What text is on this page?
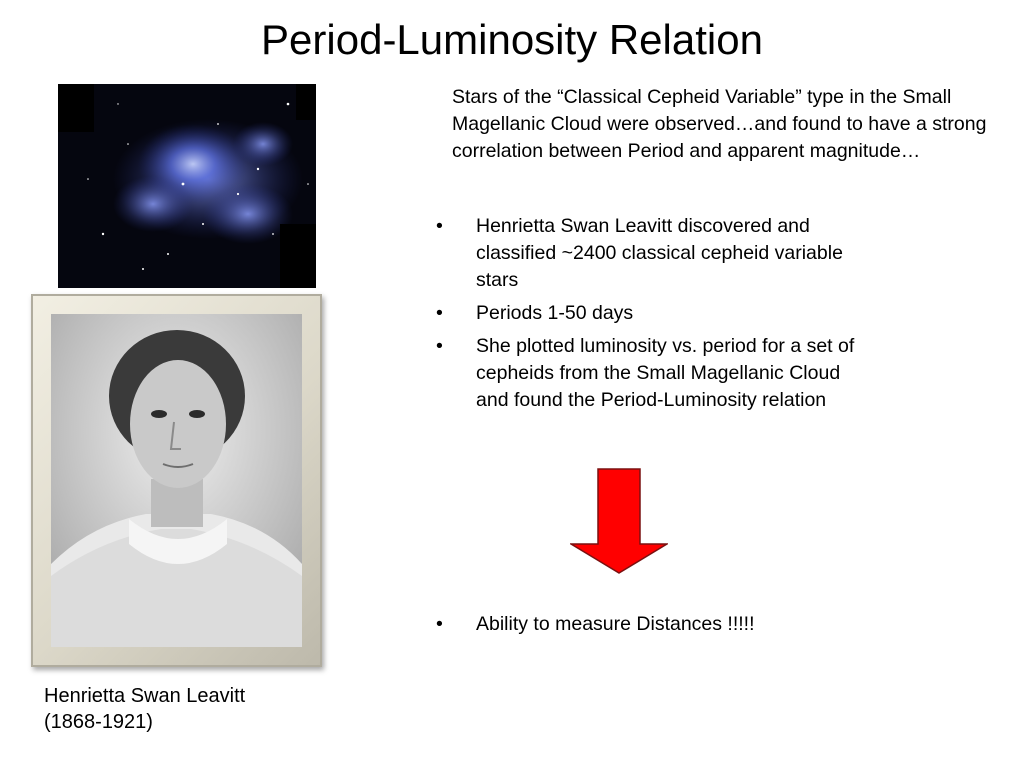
Period-Luminosity Relation
Henrietta Swan Leavitt
(1868-1921)
Stars of the “Classical Cepheid Variable” type in the Small Magellanic Cloud were observed…and found to have a strong correlation between Period and apparent magnitude…
• Henrietta Swan Leavitt discovered and classified ~2400 classical cepheid variable stars
• Periods 1-50 days
• She plotted luminosity vs. period for a set of cepheids from the Small Magellanic Cloud and found the Period-Luminosity relation
• Ability to measure Distances !!!!!
